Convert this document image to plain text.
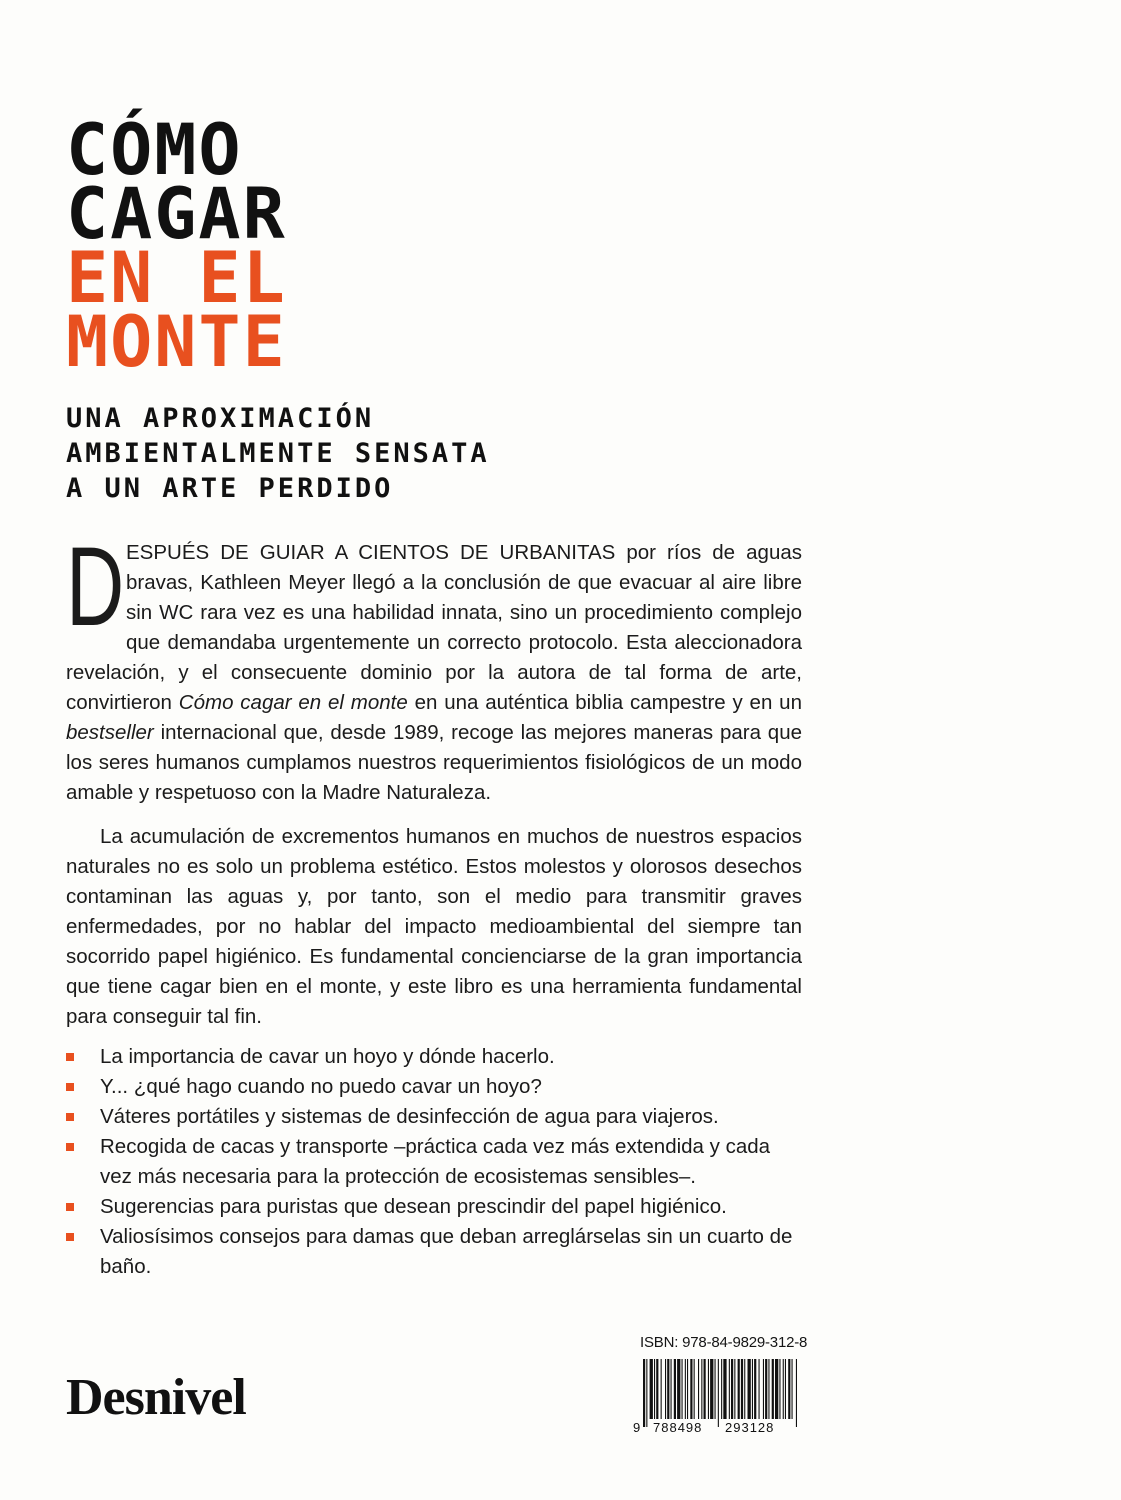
CÓMO
CAGAR
EN EL
MONTE
UNA APROXIMACIÓN
AMBIENTALMENTE SENSATA
A UN ARTE PERDIDO

DESPUÉS DE GUIAR A CIENTOS DE URBANITAS por ríos de aguas bravas, Kathleen Meyer llegó a la conclusión de que evacuar al aire libre sin WC rara vez es una habilidad innata, sino un procedimiento complejo que demandaba urgentemente un correcto protocolo. Esta aleccionadora revelación, y el consecuente dominio por la autora de tal forma de arte, convirtieron Cómo cagar en el monte en una auténtica biblia campestre y en un bestseller internacional que, desde 1989, recoge las mejores maneras para que los seres humanos cumplamos nuestros requerimientos fisiológicos de un modo amable y respetuoso con la Madre Naturaleza.

La acumulación de excrementos humanos en muchos de nuestros espacios naturales no es solo un problema estético. Estos molestos y olorosos desechos contaminan las aguas y, por tanto, son el medio para transmitir graves enfermedades, por no hablar del impacto medioambiental del siempre tan socorrido papel higiénico. Es fundamental concienciarse de la gran importancia que tiene cagar bien en el monte, y este libro es una herramienta fundamental para conseguir tal fin.

La importancia de cavar un hoyo y dónde hacerlo.
Y... ¿qué hago cuando no puedo cavar un hoyo?
Váteres portátiles y sistemas de desinfección de agua para viajeros.
Recogida de cacas y transporte –práctica cada vez más extendida y cada vez más necesaria para la protección de ecosistemas sensibles–.
Sugerencias para puristas que desean prescindir del papel higiénico.
Valiosísimos consejos para damas que deban arreglárselas sin un cuarto de baño.
Desnivel
ISBN: 978-84-9829-312-8
9 788498 293128
